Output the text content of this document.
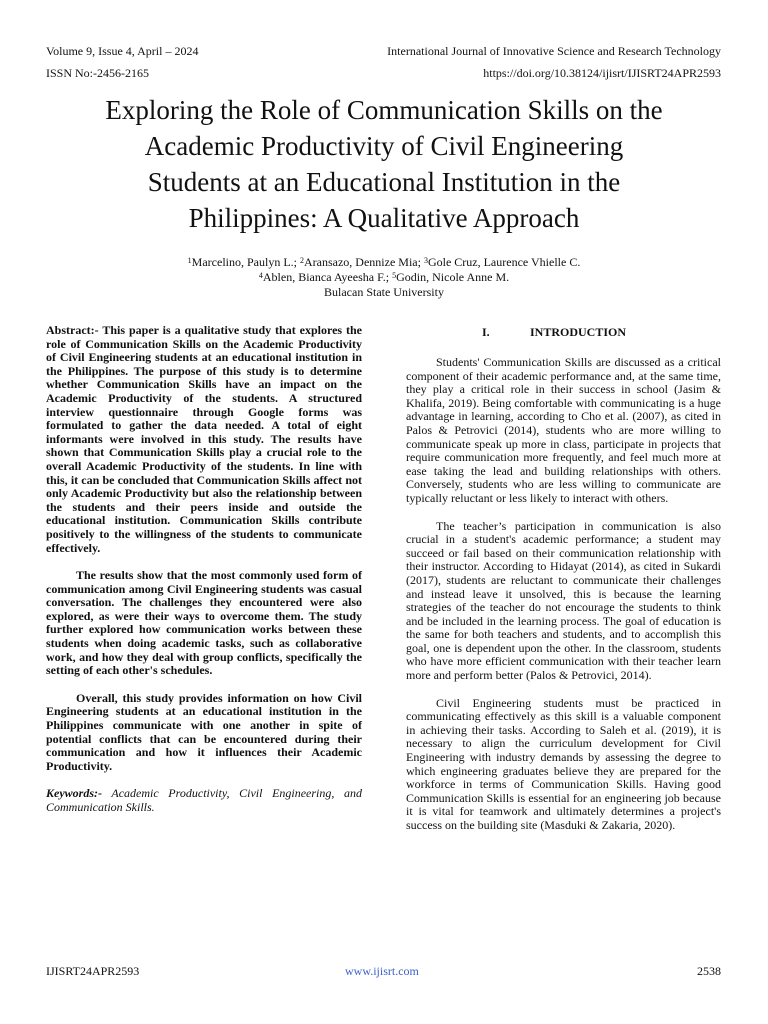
Volume 9, Issue 4, April – 2024
ISSN No:-2456-2165
International Journal of Innovative Science and Research Technology
https://doi.org/10.38124/ijisrt/IJISRT24APR2593
Exploring the Role of Communication Skills on the
Academic Productivity of Civil Engineering
Students at an Educational Institution in the
Philippines: A Qualitative Approach
$^1$Marcelino, Paulyn L.; $^2$Aransazo, Dennize Mia; $^3$Gole Cruz, Laurence Vhielle C.
$^4$Ablen, Bianca Ayeesha F.; $^5$Godin, Nicole Anne M.
Bulacan State University

Abstract:- This paper is a qualitative study that explores the role of Communication Skills on the Academic Productivity of Civil Engineering students at an educational institution in the Philippines. The purpose of this study is to determine whether Communication Skills have an impact on the Academic Productivity of the students. A structured interview questionnaire through Google forms was formulated to gather the data needed. A total of eight informants were involved in this study. The results have shown that Communication Skills play a crucial role to the overall Academic Productivity of the students. In line with this, it can be concluded that Communication Skills affect not only Academic Productivity but also the relationship between the students and their peers inside and outside the educational institution. Communication Skills contribute positively to the willingness of the students to communicate effectively.

The results show that the most commonly used form of communication among Civil Engineering students was casual conversation. The challenges they encountered were also explored, as were their ways to overcome them. The study further explored how communication works between these students when doing academic tasks, such as collaborative work, and how they deal with group conflicts, specifically the setting of each other's schedules.

Overall, this study provides information on how Civil Engineering students at an educational institution in the Philippines communicate with one another in spite of potential conflicts that can be encountered during their communication and how it influences their Academic Productivity.

Keywords:- Academic Productivity, Civil Engineering, and Communication Skills.

I.	INTRODUCTION

Students' Communication Skills are discussed as a critical component of their academic performance and, at the same time, they play a critical role in their success in school (Jasim & Khalifa, 2019). Being comfortable with communicating is a huge advantage in learning, according to Cho et al. (2007), as cited in Palos & Petrovici (2014), students who are more willing to communicate speak up more in class, participate in projects that require communication more frequently, and feel much more at ease taking the lead and building relationships with others. Conversely, students who are less willing to communicate are typically reluctant or less likely to interact with others.

The teacher’s participation in communication is also crucial in a student's academic performance; a student may succeed or fail based on their communication relationship with their instructor. According to Hidayat (2014), as cited in Sukardi (2017), students are reluctant to communicate their challenges and instead leave it unsolved, this is because the learning strategies of the teacher do not encourage the students to think and be included in the learning process. The goal of education is the same for both teachers and students, and to accomplish this goal, one is dependent upon the other. In the classroom, students who have more efficient communication with their teacher learn more and perform better (Palos & Petrovici, 2014).

Civil Engineering students must be practiced in communicating effectively as this skill is a valuable component in achieving their tasks. According to Saleh et al. (2019), it is necessary to align the curriculum development for Civil Engineering with industry demands by assessing the degree to which engineering graduates believe they are prepared for the workforce in terms of Communication Skills. Having good Communication Skills is essential for an engineering job because it is vital for teamwork and ultimately determines a project's success on the building site (Masduki & Zakaria, 2020).

IJISRT24APR2593	www.ijisrt.com	2538
